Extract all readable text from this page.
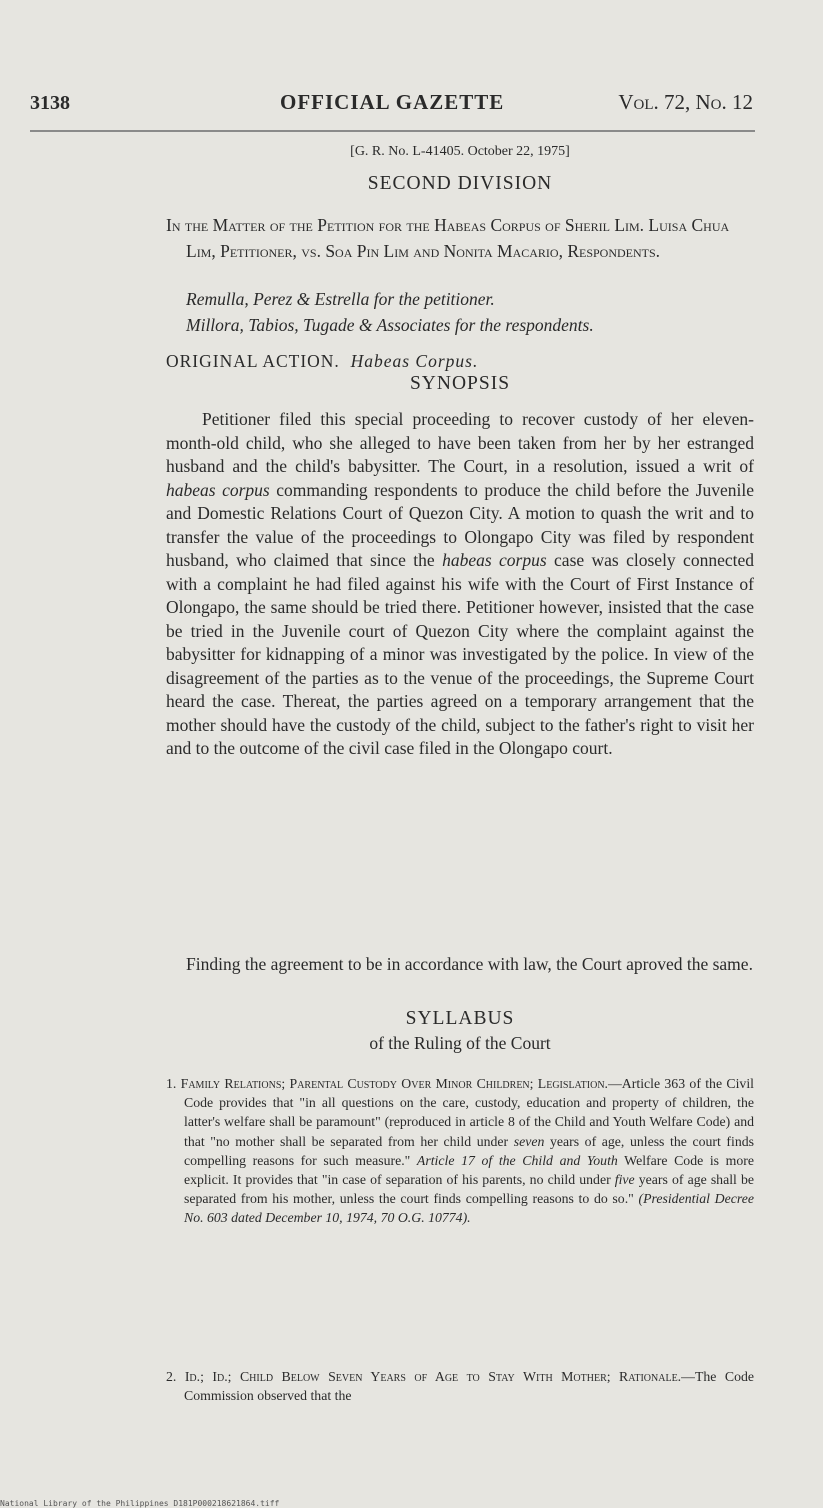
3138	OFFICIAL GAZETTE	Vol. 72, No. 12
[G. R. No. L-41405. October 22, 1975]
SECOND DIVISION
In the Matter of the Petition for the Habeas Corpus of Sheril Lim. Luisa Chua Lim, Petitioner, vs. Soa Pin Lim and Nonita Macario, Respondents.
Remulla, Perez & Estrella for the petitioner.
Millora, Tabios, Tugade & Associates for the respondents.
ORIGINAL ACTION. Habeas Corpus.
SYNOPSIS
Petitioner filed this special proceeding to recover custody of her eleven-month-old child, who she alleged to have been taken from her by her estranged husband and the child's babysitter. The Court, in a resolution, issued a writ of habeas corpus commanding respondents to produce the child before the Juvenile and Domestic Relations Court of Quezon City. A motion to quash the writ and to transfer the value of the proceedings to Olongapo City was filed by respondent husband, who claimed that since the habeas corpus case was closely connected with a complaint he had filed against his wife with the Court of First Instance of Olongapo, the same should be tried there. Petitioner however, insisted that the case be tried in the Juvenile court of Quezon City where the complaint against the babysitter for kidnapping of a minor was investigated by the police. In view of the disagreement of the parties as to the venue of the proceedings, the Supreme Court heard the case. Thereat, the parties agreed on a temporary arrangement that the mother should have the custody of the child, subject to the father's right to visit her and to the outcome of the civil case filed in the Olongapo court.
Finding the agreement to be in accordance with law, the Court aproved the same.
SYLLABUS
of the Ruling of the Court
1. Family Relations; Parental Custody Over Minor Children; Legislation.—Article 363 of the Civil Code provides that "in all questions on the care, custody, education and property of children, the latter's welfare shall be paramount" (reproduced in article 8 of the Child and Youth Welfare Code) and that "no mother shall be separated from her child under seven years of age, unless the court finds compelling reasons for such measure." Article 17 of the Child and Youth Welfare Code is more explicit. It provides that "in case of separation of his parents, no child under five years of age shall be separated from his mother, unless the court finds compelling reasons to do so." (Presidential Decree No. 603 dated December 10, 1974, 70 O.G. 10774).
2. Id.; Id.; Child Below Seven Years of Age to Stay With Mother; Rationale.—The Code Commission observed that the
National Library of the Philippines D181P000218621864.tiff
